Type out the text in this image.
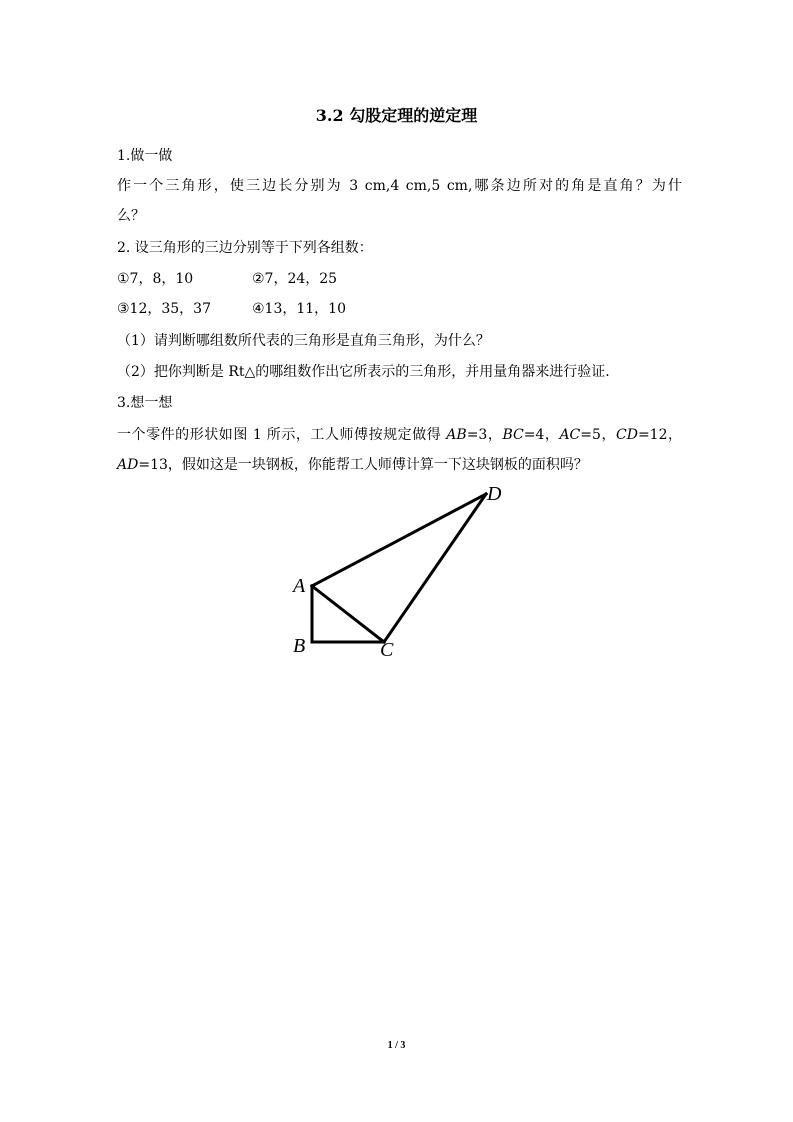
3.2 勾股定理的逆定理
1.做一做
作一个三角形，使三边长分别为 3 cm,4 cm,5 cm,哪条边所对的角是直角？为什
么？
2. 设三角形的三边分别等于下列各组数：
①7，8，10	②7，24，25
③12，35，37	④13，11，10
（1）请判断哪组数所代表的三角形是直角三角形，为什么？
（2）把你判断是 Rt△的哪组数作出它所表示的三角形，并用量角器来进行验证.
3.想一想
一个零件的形状如图 1 所示，工人师傅按规定做得 AB=3，BC=4，AC=5，CD=12，
AD=13，假如这是一块钢板，你能帮工人师傅计算一下这块钢板的面积吗？
A
B	C
D
1 / 3
